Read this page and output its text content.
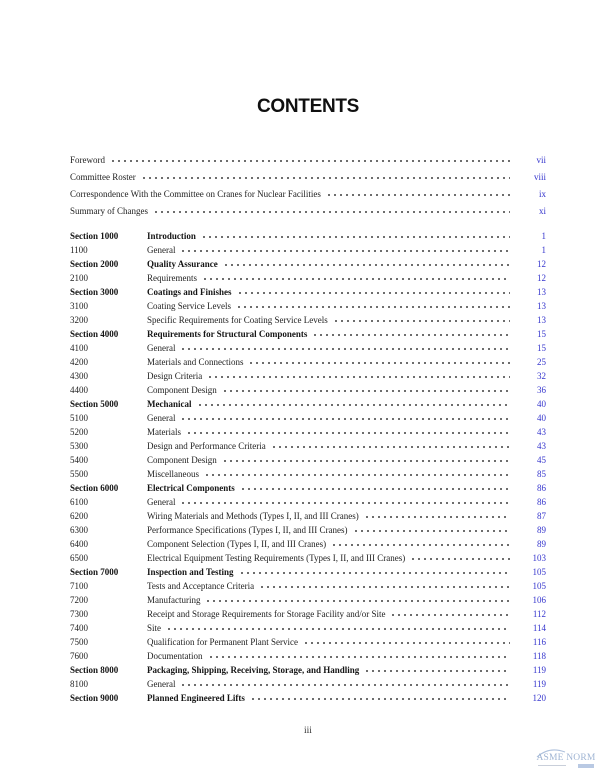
CONTENTS
Foreword	vii
Committee Roster	viii
Correspondence With the Committee on Cranes for Nuclear Facilities	ix
Summary of Changes	xi
Section 1000	Introduction	1
1100	General	1
Section 2000	Quality Assurance	12
2100	Requirements	12
Section 3000	Coatings and Finishes	13
3100	Coating Service Levels	13
3200	Specific Requirements for Coating Service Levels	13
Section 4000	Requirements for Structural Components	15
4100	General	15
4200	Materials and Connections	25
4300	Design Criteria	32
4400	Component Design	36
Section 5000	Mechanical	40
5100	General	40
5200	Materials	43
5300	Design and Performance Criteria	43
5400	Component Design	45
5500	Miscellaneous	85
Section 6000	Electrical Components	86
6100	General	86
6200	Wiring Materials and Methods (Types I, II, and III Cranes)	87
6300	Performance Specifications (Types I, II, and III Cranes)	89
6400	Component Selection (Types I, II, and III Cranes)	89
6500	Electrical Equipment Testing Requirements (Types I, II, and III Cranes)	103
Section 7000	Inspection and Testing	105
7100	Tests and Acceptance Criteria	105
7200	Manufacturing	106
7300	Receipt and Storage Requirements for Storage Facility and/or Site	112
7400	Site	114
7500	Qualification for Permanent Plant Service	116
7600	Documentation	118
Section 8000	Packaging, Shipping, Receiving, Storage, and Handling	119
8100	General	119
Section 9000	Planned Engineered Lifts	120
iii
ASME NORM
